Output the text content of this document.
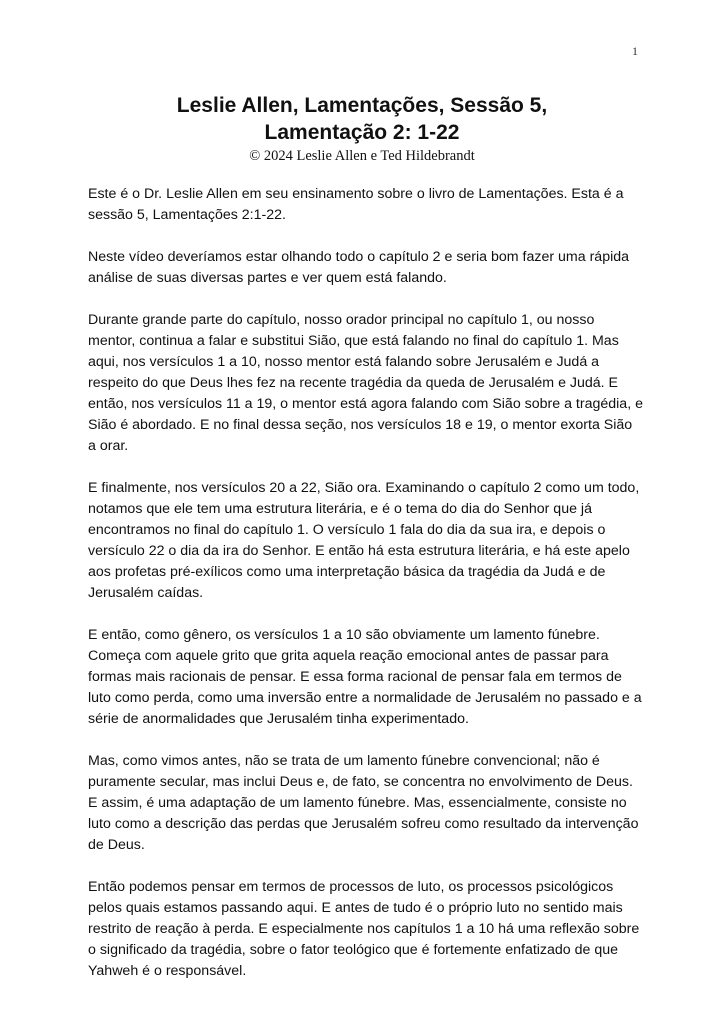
1
Leslie Allen, Lamentações, Sessão 5,
Lamentação 2: 1-22
© 2024 Leslie Allen e Ted Hildebrandt

Este é o Dr. Leslie Allen em seu ensinamento sobre o livro de Lamentações. Esta é a sessão 5, Lamentações 2:1-22.

Neste vídeo deveríamos estar olhando todo o capítulo 2 e seria bom fazer uma rápida análise de suas diversas partes e ver quem está falando.

Durante grande parte do capítulo, nosso orador principal no capítulo 1, ou nosso mentor, continua a falar e substitui Sião, que está falando no final do capítulo 1. Mas aqui, nos versículos 1 a 10, nosso mentor está falando sobre Jerusalém e Judá a respeito do que Deus lhes fez na recente tragédia da queda de Jerusalém e Judá. E então, nos versículos 11 a 19, o mentor está agora falando com Sião sobre a tragédia, e Sião é abordado. E no final dessa seção, nos versículos 18 e 19, o mentor exorta Sião a orar.

E finalmente, nos versículos 20 a 22, Sião ora. Examinando o capítulo 2 como um todo, notamos que ele tem uma estrutura literária, e é o tema do dia do Senhor que já encontramos no final do capítulo 1. O versículo 1 fala do dia da sua ira, e depois o versículo 22 o dia da ira do Senhor. E então há esta estrutura literária, e há este apelo aos profetas pré-exílicos como uma interpretação básica da tragédia da Judá e de Jerusalém caídas.

E então, como gênero, os versículos 1 a 10 são obviamente um lamento fúnebre. Começa com aquele grito que grita aquela reação emocional antes de passar para formas mais racionais de pensar. E essa forma racional de pensar fala em termos de luto como perda, como uma inversão entre a normalidade de Jerusalém no passado e a série de anormalidades que Jerusalém tinha experimentado.

Mas, como vimos antes, não se trata de um lamento fúnebre convencional; não é puramente secular, mas inclui Deus e, de fato, se concentra no envolvimento de Deus. E assim, é uma adaptação de um lamento fúnebre. Mas, essencialmente, consiste no luto como a descrição das perdas que Jerusalém sofreu como resultado da intervenção de Deus.

Então podemos pensar em termos de processos de luto, os processos psicológicos pelos quais estamos passando aqui. E antes de tudo é o próprio luto no sentido mais restrito de reação à perda. E especialmente nos capítulos 1 a 10 há uma reflexão sobre o significado da tragédia, sobre o fator teológico que é fortemente enfatizado de que Yahweh é o responsável.
